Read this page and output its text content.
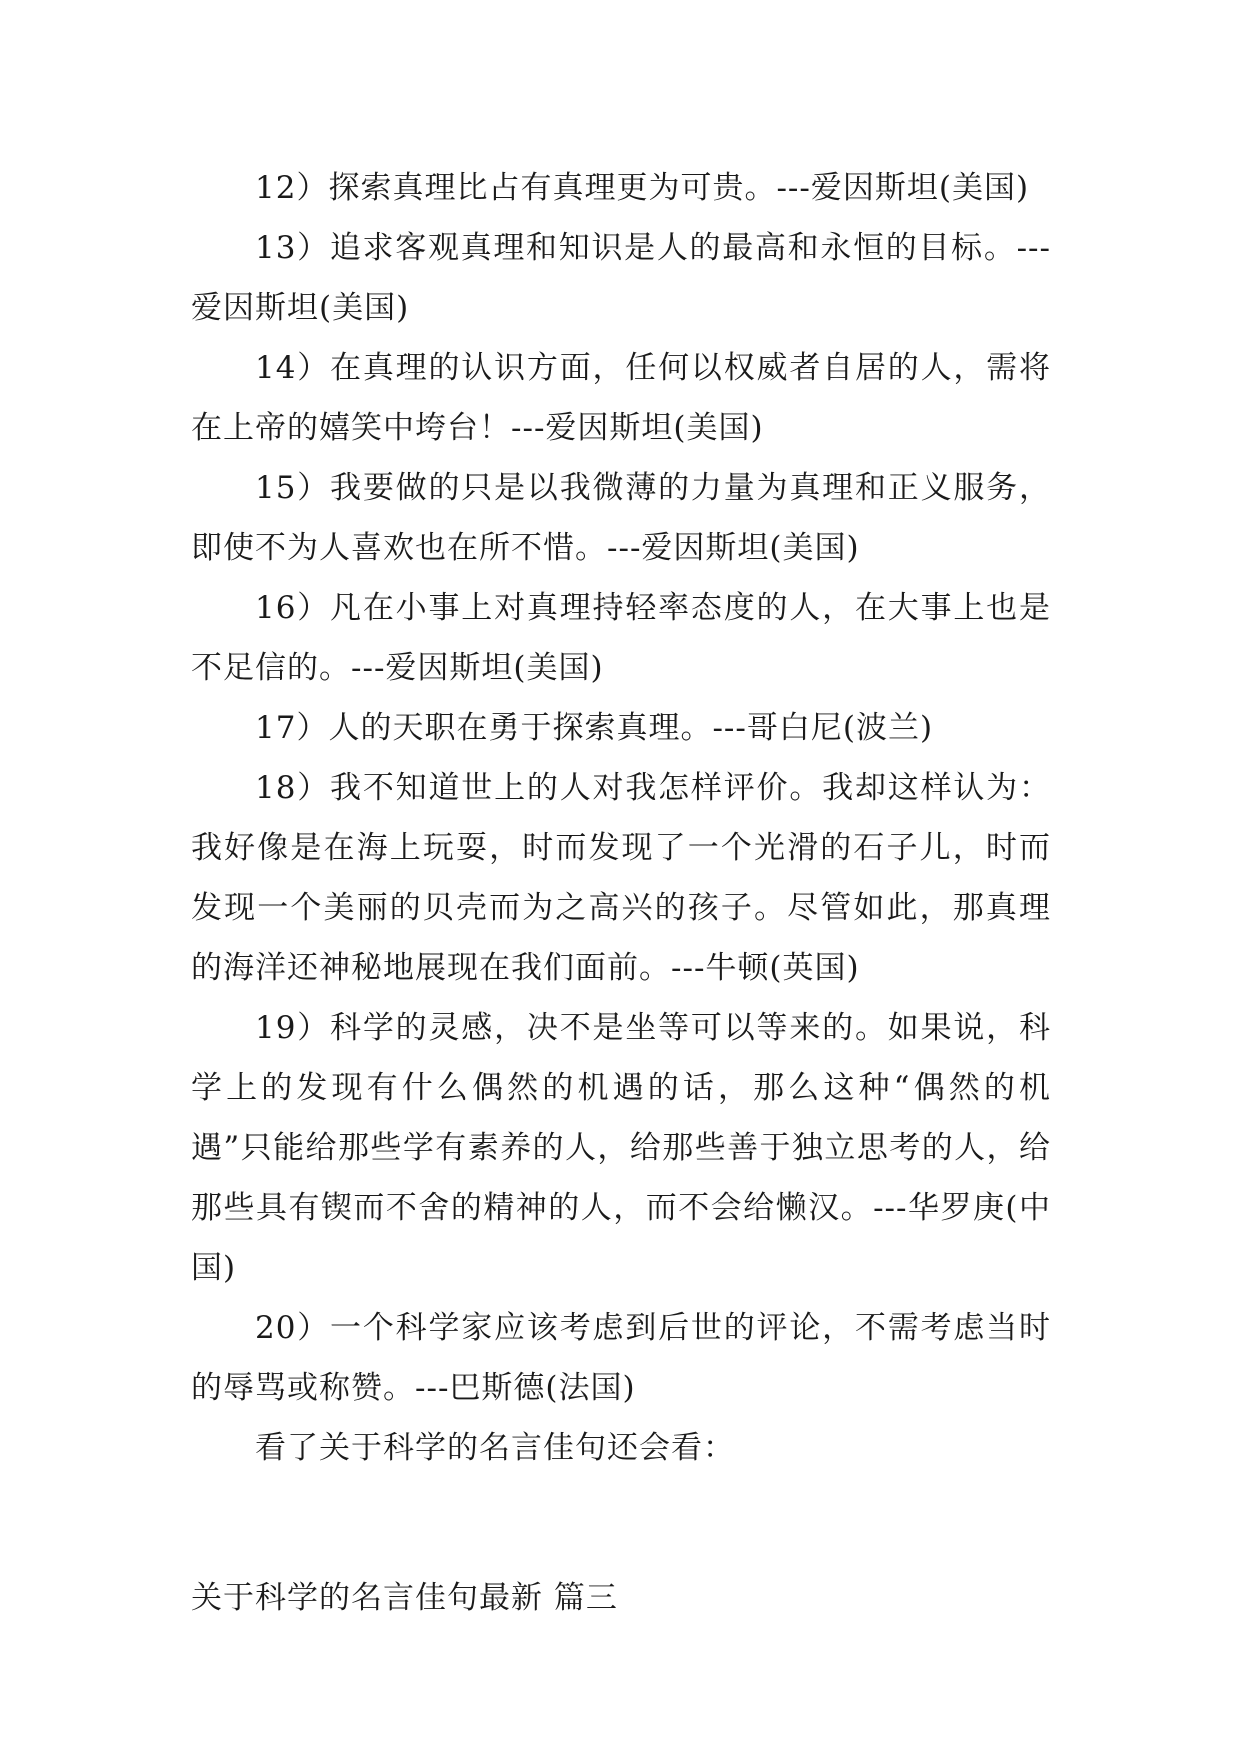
12）探索真理比占有真理更为可贵。---爱因斯坦(美国)

13）追求客观真理和知识是人的最高和永恒的目标。---爱因斯坦(美国)

14）在真理的认识方面，任何以权威者自居的人，需将在上帝的嬉笑中垮台！---爱因斯坦(美国)

15）我要做的只是以我微薄的力量为真理和正义服务，即使不为人喜欢也在所不惜。---爱因斯坦(美国)

16）凡在小事上对真理持轻率态度的人，在大事上也是不足信的。---爱因斯坦(美国)

17）人的天职在勇于探索真理。---哥白尼(波兰)

18）我不知道世上的人对我怎样评价。我却这样认为：我好像是在海上玩耍，时而发现了一个光滑的石子儿，时而发现一个美丽的贝壳而为之高兴的孩子。尽管如此，那真理的海洋还神秘地展现在我们面前。---牛顿(英国)

19）科学的灵感，决不是坐等可以等来的。如果说，科学上的发现有什么偶然的机遇的话，那么这种“偶然的机遇”只能给那些学有素养的人，给那些善于独立思考的人，给那些具有锲而不舍的精神的人，而不会给懒汉。---华罗庚(中国)

20）一个科学家应该考虑到后世的评论，不需考虑当时的辱骂或称赞。---巴斯德(法国)

看了关于科学的名言佳句还会看：

关于科学的名言佳句最新 篇三
